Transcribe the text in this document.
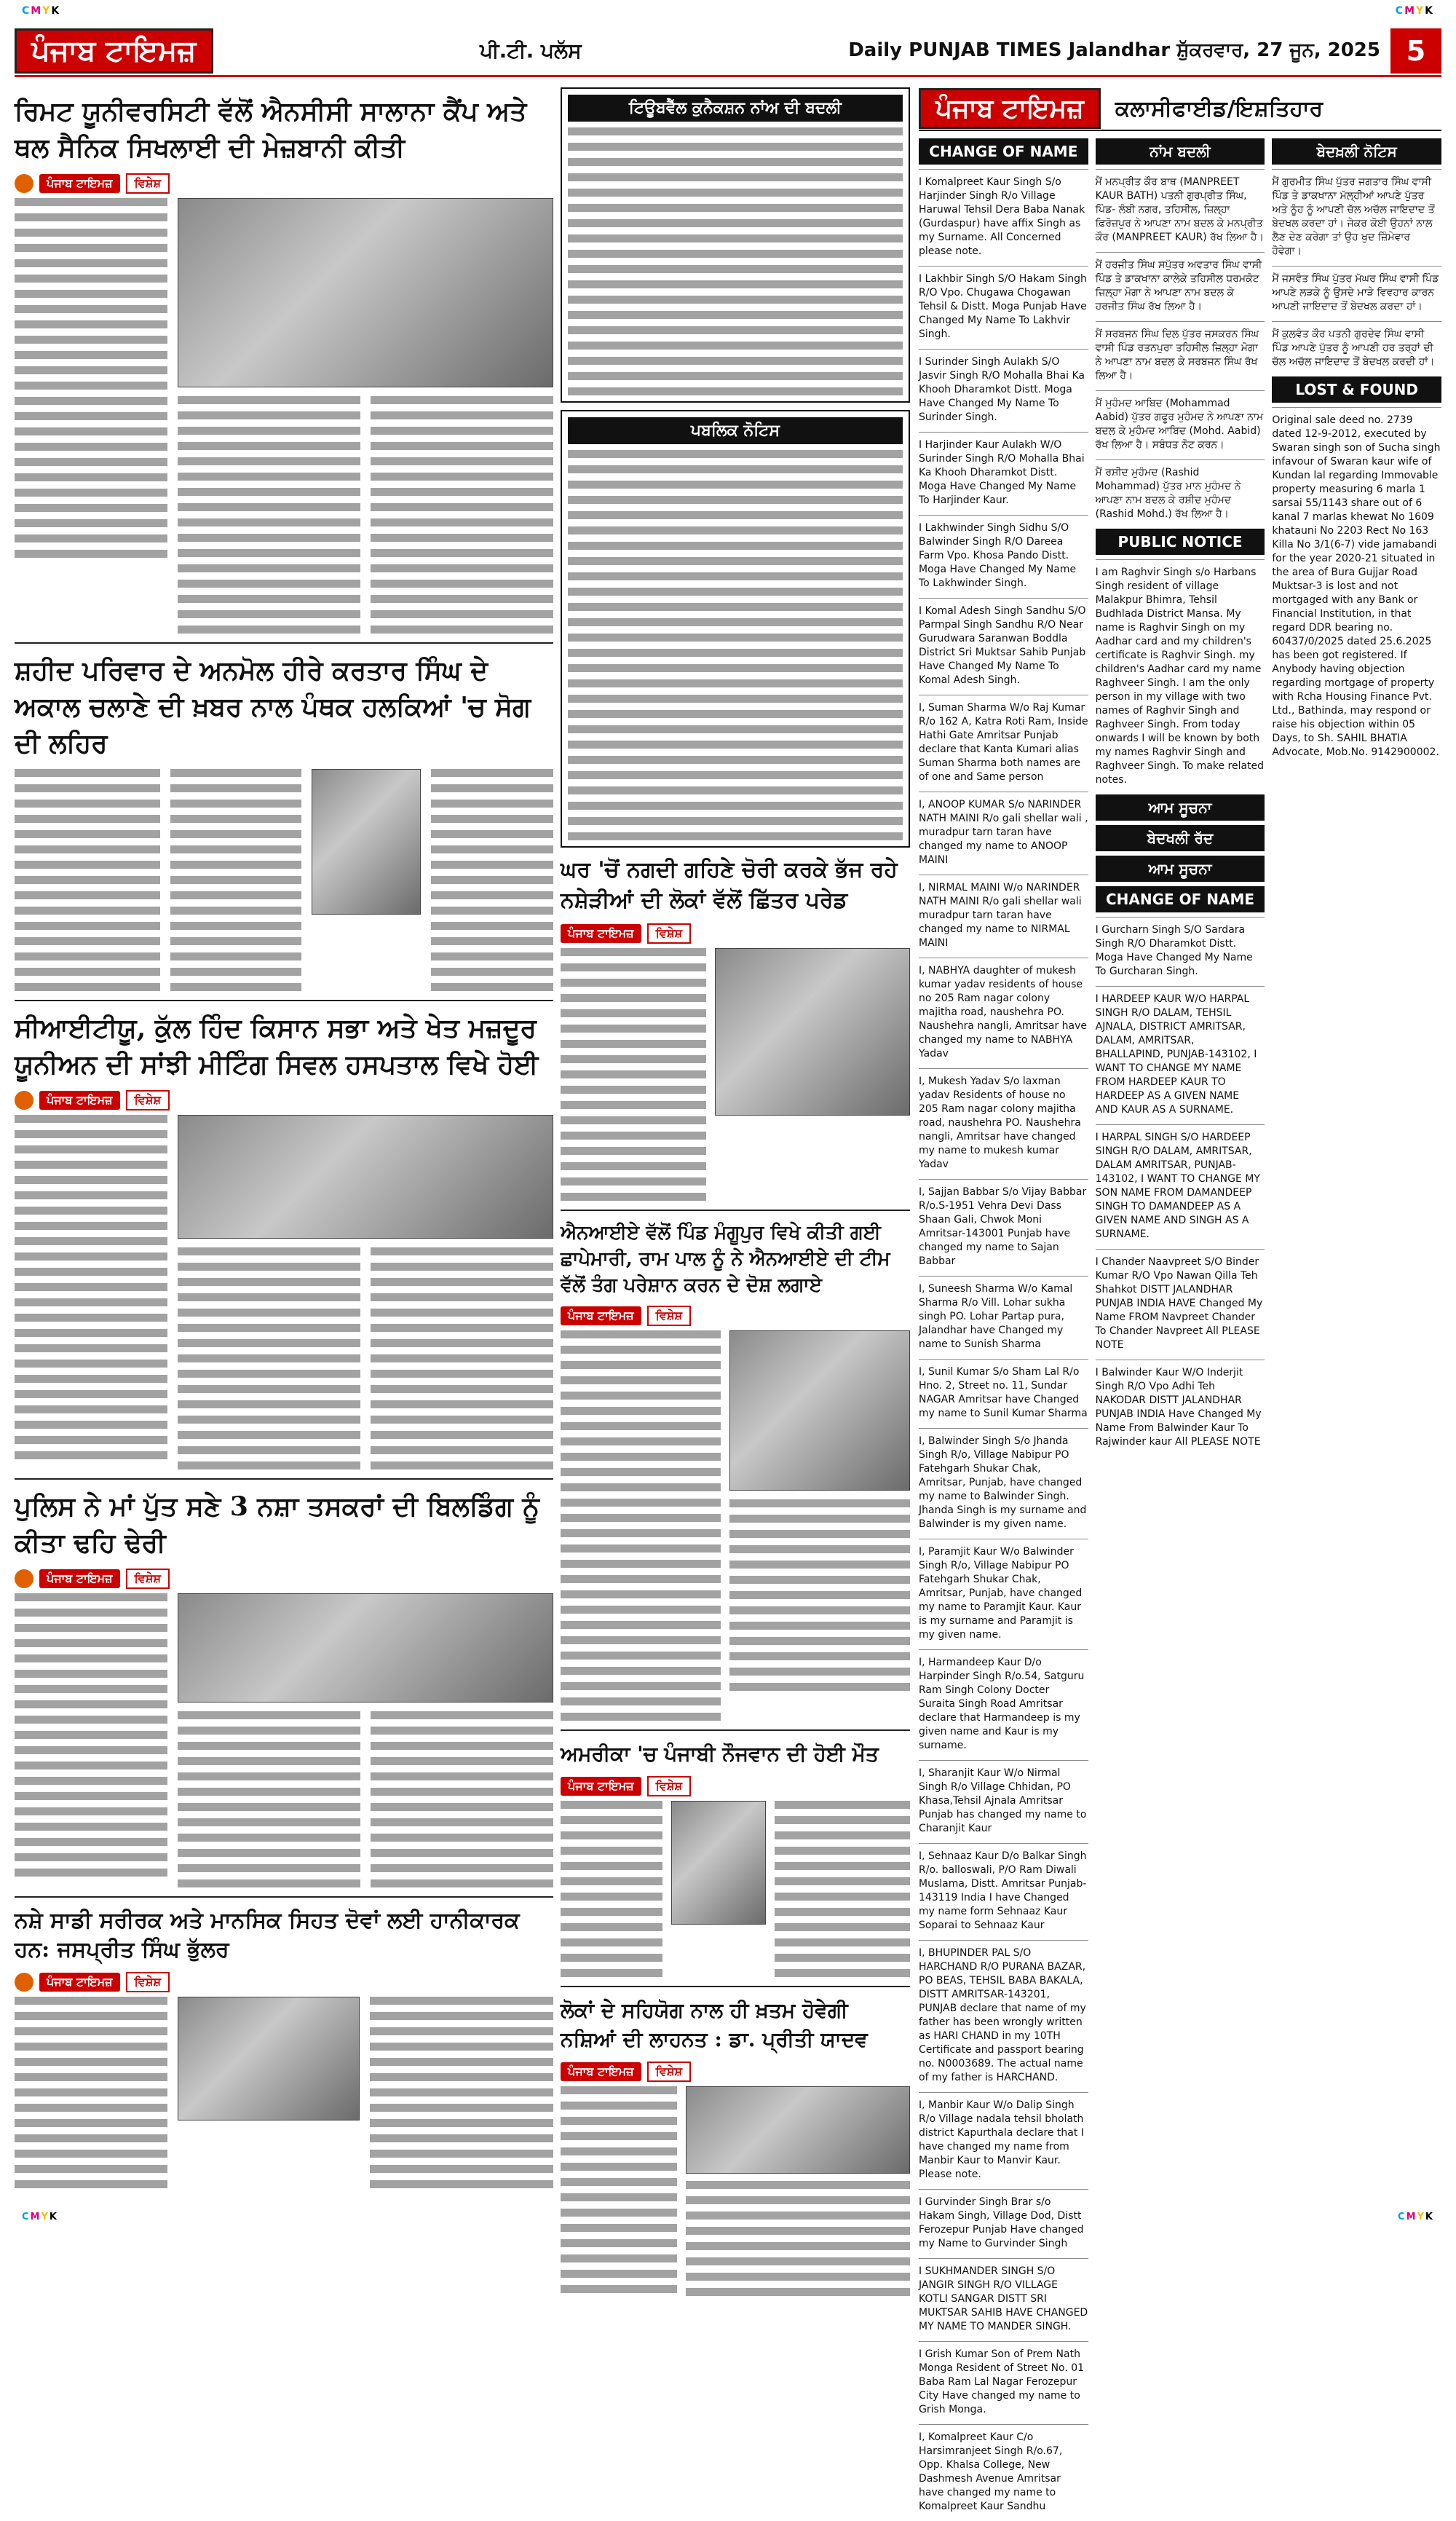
C M Y K	C M Y K
ਪੰਜਾਬ ਟਾਇਮਜ਼	ਪੀ.ਟੀ. ਪਲੱਸ	Daily PUNJAB TIMES Jalandhar ਸ਼ੁੱਕਰਵਾਰ, 27 ਜੂਨ, 2025 5
ਰਿਮਟ ਯੂਨੀਵਰਸਿਟੀ ਵੱਲੋਂ ਐਨਸੀਸੀ ਸਾਲਾਨਾ ਕੈਂਪ ਅਤੇ ਥਲ ਸੈਨਿਕ ਸਿਖਲਾਈ ਦੀ ਮੇਜ਼ਬਾਨੀ ਕੀਤੀ
ਪੰਜਾਬ ਟਾਇਮਜ਼	ਵਿਸ਼ੇਸ਼
ਸ਼ਹੀਦ ਪਰਿਵਾਰ ਦੇ ਅਨਮੋਲ ਹੀਰੇ ਕਰਤਾਰ ਸਿੰਘ ਦੇ ਅਕਾਲ ਚਲਾਣੇ ਦੀ ਖ਼ਬਰ ਨਾਲ ਪੰਥਕ ਹਲਕਿਆਂ 'ਚ ਸੋਗ ਦੀ ਲਹਿਰ
ਸੀਆਈਟੀਯੂ, ਕੁੱਲ ਹਿੰਦ ਕਿਸਾਨ ਸਭਾ ਅਤੇ ਖੇਤ ਮਜ਼ਦੂਰ ਯੂਨੀਅਨ ਦੀ ਸਾਂਝੀ ਮੀਟਿੰਗ ਸਿਵਲ ਹਸਪਤਾਲ ਵਿਖੇ ਹੋਈ
ਪੰਜਾਬ ਟਾਇਮਜ਼	ਵਿਸ਼ੇਸ਼
ਪੁਲਿਸ ਨੇ ਮਾਂ ਪੁੱਤ ਸਣੇ 3 ਨਸ਼ਾ ਤਸਕਰਾਂ ਦੀ ਬਿਲਡਿੰਗ ਨੂੰ ਕੀਤਾ ਢਹਿ ਢੇਰੀ
ਪੰਜਾਬ ਟਾਇਮਜ਼	ਵਿਸ਼ੇਸ਼
ਨਸ਼ੇ ਸਾਡੀ ਸਰੀਰਕ ਅਤੇ ਮਾਨਸਿਕ ਸਿਹਤ ਦੋਵਾਂ ਲਈ ਹਾਨੀਕਾਰਕ ਹਨ: ਜਸਪ੍ਰੀਤ ਸਿੰਘ ਭੁੱਲਰ
ਪੰਜਾਬ ਟਾਇਮਜ਼	ਵਿਸ਼ੇਸ਼
ਟਿਊਬਵੈੱਲ ਕੁਨੈਕਸ਼ਨ ਨਾਂਅ ਦੀ ਬਦਲੀ
ਪਬਲਿਕ ਨੋਟਿਸ
ਘਰ 'ਚੋਂ ਨਗਦੀ ਗਹਿਣੇ ਚੋਰੀ ਕਰਕੇ ਭੱਜ ਰਹੇ ਨਸ਼ੇੜੀਆਂ ਦੀ ਲੋਕਾਂ ਵੱਲੋਂ ਛਿੱਤਰ ਪਰੇਡ
ਪੰਜਾਬ ਟਾਇਮਜ਼	ਵਿਸ਼ੇਸ਼
ਐਨਆਈਏ ਵੱਲੋਂ ਪਿੰਡ ਮੰਗੂਪੁਰ ਵਿਖੇ ਕੀਤੀ ਗਈ ਛਾਪੇਮਾਰੀ, ਰਾਮ ਪਾਲ ਨੂੰ ਨੇ ਐਨਆਈਏ ਦੀ ਟੀਮ ਵੱਲੋਂ ਤੰਗ ਪਰੇਸ਼ਾਨ ਕਰਨ ਦੇ ਦੋਸ਼ ਲਗਾਏ
ਪੰਜਾਬ ਟਾਇਮਜ਼	ਵਿਸ਼ੇਸ਼
ਅਮਰੀਕਾ 'ਚ ਪੰਜਾਬੀ ਨੌਜਵਾਨ ਦੀ ਹੋਈ ਮੌਤ
ਪੰਜਾਬ ਟਾਇਮਜ਼	ਵਿਸ਼ੇਸ਼
ਲੋਕਾਂ ਦੇ ਸਹਿਯੋਗ ਨਾਲ ਹੀ ਖ਼ਤਮ ਹੋਵੇਗੀ ਨਸ਼ਿਆਂ ਦੀ ਲਾਹਨਤ : ਡਾ. ਪ੍ਰੀਤੀ ਯਾਦਵ
ਪੰਜਾਬ ਟਾਇਮਜ਼	ਵਿਸ਼ੇਸ਼
ਪੰਜਾਬ ਟਾਇਮਜ਼	ਕਲਾਸੀਫਾਈਡ/ਇਸ਼ਤਿਹਾਰ
CHANGE OF NAME

I Komalpreet Kaur Singh S/o Harjinder Singh R/o Village Haruwal Tehsil Dera Baba Nanak (Gurdaspur) have affix Singh as my Surname. All Concerned please note.

I Lakhbir Singh S/O Hakam Singh R/O Vpo. Chugawa Chogawan Tehsil & Distt. Moga Punjab Have Changed My Name To Lakhvir Singh.

I Surinder Singh Aulakh S/O Jasvir Singh R/O Mohalla Bhai Ka Khooh Dharamkot Distt. Moga Have Changed My Name To Surinder Singh.

I Harjinder Kaur Aulakh W/O Surinder Singh R/O Mohalla Bhai Ka Khooh Dharamkot Distt. Moga Have Changed My Name To Harjinder Kaur.

I Lakhwinder Singh Sidhu S/O Balwinder Singh R/O Dareea Farm Vpo. Khosa Pando Distt. Moga Have Changed My Name To Lakhwinder Singh.

I Komal Adesh Singh Sandhu S/O Parmpal Singh Sandhu R/O Near Gurudwara Saranwan Boddla District Sri Muktsar Sahib Punjab Have Changed My Name To Komal Adesh Singh.

I, Suman Sharma W/o Raj Kumar R/o 162 A, Katra Roti Ram, Inside Hathi Gate Amritsar Punjab declare that Kanta Kumari alias Suman Sharma both names are of one and Same person

I, ANOOP KUMAR S/o NARINDER NATH MAINI R/o gali shellar wali , muradpur tarn taran have changed my name to ANOOP MAINI

I, NIRMAL MAINI W/o NARINDER NATH MAINI R/o gali shellar wali muradpur tarn taran have changed my name to NIRMAL MAINI

I, NABHYA daughter of mukesh kumar yadav residents of house no 205 Ram nagar colony majitha road, naushehra PO. Naushehra nangli, Amritsar have changed my name to NABHYA Yadav

I, Mukesh Yadav S/o laxman yadav Residents of house no 205 Ram nagar colony majitha road, naushehra PO. Naushehra nangli, Amritsar have changed my name to mukesh kumar Yadav

I, Sajjan Babbar S/o Vijay Babbar R/o.S-1951 Vehra Devi Dass Shaan Gali, Chwok Moni Amritsar-143001 Punjab have changed my name to Sajan Babbar

I, Suneesh Sharma W/o Kamal Sharma R/o Vill. Lohar sukha singh PO. Lohar Partap pura, Jalandhar have Changed my name to Sunish Sharma

I, Sunil Kumar S/o Sham Lal R/o Hno. 2, Street no. 11, Sundar NAGAR Amritsar have Changed my name to Sunil Kumar Sharma

I, Balwinder Singh S/o Jhanda Singh R/o, Village Nabipur PO Fatehgarh Shukar Chak, Amritsar, Punjab, have changed my name to Balwinder Singh. Jhanda Singh is my surname and Balwinder is my given name.

I, Paramjit Kaur W/o Balwinder Singh R/o, Village Nabipur PO Fatehgarh Shukar Chak, Amritsar, Punjab, have changed my name to Paramjit Kaur. Kaur is my surname and Paramjit is my given name.

I, Harmandeep Kaur D/o Harpinder Singh R/o.54, Satguru Ram Singh Colony Docter Suraita Singh Road Amritsar declare that Harmandeep is my given name and Kaur is my surname.

I, Sharanjit Kaur W/o Nirmal Singh R/o Village Chhidan, PO Khasa,Tehsil Ajnala Amritsar Punjab has changed my name to Charanjit Kaur

I, Sehnaaz Kaur D/o Balkar Singh R/o. balloswali, P/O Ram Diwali Muslama, Distt. Amritsar Punjab-143119 India I have Changed my name form Sehnaaz Kaur Soparai to Sehnaaz Kaur

I, BHUPINDER PAL S/O HARCHAND R/O PURANA BAZAR, PO BEAS, TEHSIL BABA BAKALA, DISTT AMRITSAR-143201, PUNJAB declare that name of my father has been wrongly written as HARI CHAND in my 10TH Certificate and passport bearing no. N0003689. The actual name of my father is HARCHAND.

I, Manbir Kaur W/o Dalip Singh R/o Village nadala tehsil bholath district Kapurthala declare that I have changed my name from Manbir Kaur to Manvir Kaur. Please note.

I Gurvinder Singh Brar s/o Hakam Singh, Village Dod, Distt Ferozepur Punjab Have changed my Name to Gurvinder Singh

I SUKHMANDER SINGH S/O JANGIR SINGH R/O VILLAGE KOTLI SANGAR DISTT SRI MUKTSAR SAHIB HAVE CHANGED MY NAME TO MANDER SINGH.

I Grish Kumar Son of Prem Nath Monga Resident of Street No. 01 Baba Ram Lal Nagar Ferozepur City Have changed my name to Grish Monga.

I, Komalpreet Kaur C/o Harsimranjeet Singh R/o.67, Opp. Khalsa College, New Dashmesh Avenue Amritsar have changed my name to Komalpreet Kaur Sandhu

ਨਾਂਮ ਬਦਲੀ

ਮੈਂ ਮਨਪ੍ਰੀਤ ਕੌਰ ਬਾਥ (MANPREET KAUR BATH) ਪਤਨੀ ਗੁਰਪ੍ਰੀਤ ਸਿੰਘ, ਪਿੰਡ- ਲੰਬੀ ਨਗਰ, ਤਹਿਸੀਲ, ਜ਼ਿਲ੍ਹਾ ਫ਼ਿਰੋਜ਼ਪੁਰ ਨੇ ਆਪਣਾ ਨਾਮ ਬਦਲ ਕੇ ਮਨਪ੍ਰੀਤ ਕੌਰ (MANPREET KAUR) ਰੱਖ ਲਿਆ ਹੈ।

ਮੈਂ ਹਰਜੀਤ ਸਿੰਘ ਸਪੁੱਤਰ ਅਵਤਾਰ ਸਿੰਘ ਵਾਸੀ ਪਿੰਡ ਤੇ ਡਾਕਖਾਨਾ ਕਾਲੇਕੇ ਤਹਿਸੀਲ ਧਰਮਕੋਟ ਜ਼ਿਲ੍ਹਾ ਮੋਗਾ ਨੇ ਆਪਣਾ ਨਾਮ ਬਦਲ ਕੇ ਹਰਜੀਤ ਸਿੰਘ ਰੱਖ ਲਿਆ ਹੈ।

ਮੈਂ ਸਰਬਜਨ ਸਿੰਘ ਦਿਲ ਪੁੱਤਰ ਜਸਕਰਨ ਸਿੰਘ ਵਾਸੀ ਪਿੰਡ ਰਤਨਪੁਰਾ ਤਹਿਸੀਲ ਜ਼ਿਲ੍ਹਾ ਮੋਗਾ ਨੇ ਆਪਣਾ ਨਾਮ ਬਦਲ ਕੇ ਸਰਬਜਨ ਸਿੰਘ ਰੱਖ ਲਿਆ ਹੈ।

ਮੈਂ ਮੁਹੰਮਦ ਆਬਿਦ (Mohammad Aabid) ਪੁੱਤਰ ਗਫੂਰ ਮੁਹੰਮਦ ਨੇ ਆਪਣਾ ਨਾਮ ਬਦਲ ਕੇ ਮੁਹੰਮਦ ਆਬਿਦ (Mohd. Aabid) ਰੱਖ ਲਿਆ ਹੈ। ਸਬੰਧਤ ਨੋਟ ਕਰਨ।

ਮੈਂ ਰਸ਼ੀਦ ਮੁਹੰਮਦ (Rashid Mohammad) ਪੁੱਤਰ ਮਾਨ ਮੁਹੰਮਦ ਨੇ ਆਪਣਾ ਨਾਮ ਬਦਲ ਕੇ ਰਸ਼ੀਦ ਮੁਹੰਮਦ (Rashid Mohd.) ਰੱਖ ਲਿਆ ਹੈ।

PUBLIC NOTICE

I am Raghvir Singh s/o Harbans Singh resident of village Malakpur Bhimra, Tehsil Budhlada District Mansa. My name is Raghvir Singh on my Aadhar card and my children's certificate is Raghvir Singh. my children's Aadhar card my name Raghveer Singh. I am the only person in my village with two names of Raghvir Singh and Raghveer Singh. From today onwards I will be known by both my names Raghvir Singh and Raghveer Singh. To make related notes.

ਆਮ ਸੂਚਨਾ
ਬੇਦਖਲੀ ਰੱਦ
ਆਮ ਸੂਚਨਾ
CHANGE OF NAME

I Gurcharn Singh S/O Sardara Singh R/O Dharamkot Distt. Moga Have Changed My Name To Gurcharan Singh.

I HARDEEP KAUR W/O HARPAL SINGH R/O DALAM, TEHSIL AJNALA, DISTRICT AMRITSAR, DALAM, AMRITSAR, BHALLAPIND, PUNJAB-143102, I WANT TO CHANGE MY NAME FROM HARDEEP KAUR TO HARDEEP AS A GIVEN NAME AND KAUR AS A SURNAME.

I HARPAL SINGH S/O HARDEEP SINGH R/O DALAM, AMRITSAR, DALAM AMRITSAR, PUNJAB-143102, I WANT TO CHANGE MY SON NAME FROM DAMANDEEP SINGH TO DAMANDEEP AS A GIVEN NAME AND SINGH AS A SURNAME.

I Chander Naavpreet S/O Binder Kumar R/O Vpo Nawan Qilla Teh Shahkot DISTT JALANDHAR PUNJAB INDIA HAVE Changed My Name FROM Navpreet Chander To Chander Navpreet All PLEASE NOTE

I Balwinder Kaur W/O Inderjit Singh R/O Vpo Adhi Teh NAKODAR DISTT JALANDHAR PUNJAB INDIA Have Changed My Name From Balwinder Kaur To Rajwinder kaur All PLEASE NOTE

ਬੇਦਖ਼ਲੀ ਨੋਟਿਸ

ਮੈਂ ਗੁਰਮੀਤ ਸਿੰਘ ਪੁੱਤਰ ਜਗਤਾਰ ਸਿੰਘ ਵਾਸੀ ਪਿੰਡ ਤੇ ਡਾਕਖਾਨਾ ਮੱਲ੍ਹੀਆਂ ਆਪਣੇ ਪੁੱਤਰ ਅਤੇ ਨੂੰਹ ਨੂੰ ਆਪਣੀ ਚੱਲ ਅਚੱਲ ਜਾਇਦਾਦ ਤੋਂ ਬੇਦਖਲ ਕਰਦਾ ਹਾਂ। ਜੇਕਰ ਕੋਈ ਉਹਨਾਂ ਨਾਲ ਲੈਣ ਦੇਣ ਕਰੇਗਾ ਤਾਂ ਉਹ ਖੁਦ ਜ਼ਿੰਮੇਵਾਰ ਹੋਵੇਗਾ।

ਮੈਂ ਜਸਵੰਤ ਸਿੰਘ ਪੁੱਤਰ ਮੱਘਰ ਸਿੰਘ ਵਾਸੀ ਪਿੰਡ ਆਪਣੇ ਲੜਕੇ ਨੂੰ ਉਸਦੇ ਮਾੜੇ ਵਿਵਹਾਰ ਕਾਰਨ ਆਪਣੀ ਜਾਇਦਾਦ ਤੋਂ ਬੇਦਖਲ ਕਰਦਾ ਹਾਂ।

ਮੈਂ ਕੁਲਵੰਤ ਕੌਰ ਪਤਨੀ ਗੁਰਦੇਵ ਸਿੰਘ ਵਾਸੀ ਪਿੰਡ ਆਪਣੇ ਪੁੱਤਰ ਨੂੰ ਆਪਣੀ ਹਰ ਤਰ੍ਹਾਂ ਦੀ ਚੱਲ ਅਚੱਲ ਜਾਇਦਾਦ ਤੋਂ ਬੇਦਖਲ ਕਰਦੀ ਹਾਂ।

LOST & FOUND

Original sale deed no. 2739 dated 12-9-2012, executed by Swaran singh son of Sucha singh infavour of Swaran kaur wife of Kundan lal regarding Immovable property measuring 6 marla 1 sarsai 55/1143 share out of 6 kanal 7 marlas khewat No 1609 khatauni No 2203 Rect No 163 Killa No 3/1(6-7) vide jamabandi for the year 2020-21 situated in the area of Bura Gujjar Road Muktsar-3 is lost and not mortgaged with any Bank or Financial Institution, in that regard DDR bearing no. 60437/0/2025 dated 25.6.2025 has been got registered. If Anybody having objection regarding mortgage of property with Rcha Housing Finance Pvt. Ltd., Bathinda, may respond or raise his objection within 05 Days, to Sh. SAHIL BHATIA Advocate, Mob.No. 9142900002.

C M Y K	C M Y K
